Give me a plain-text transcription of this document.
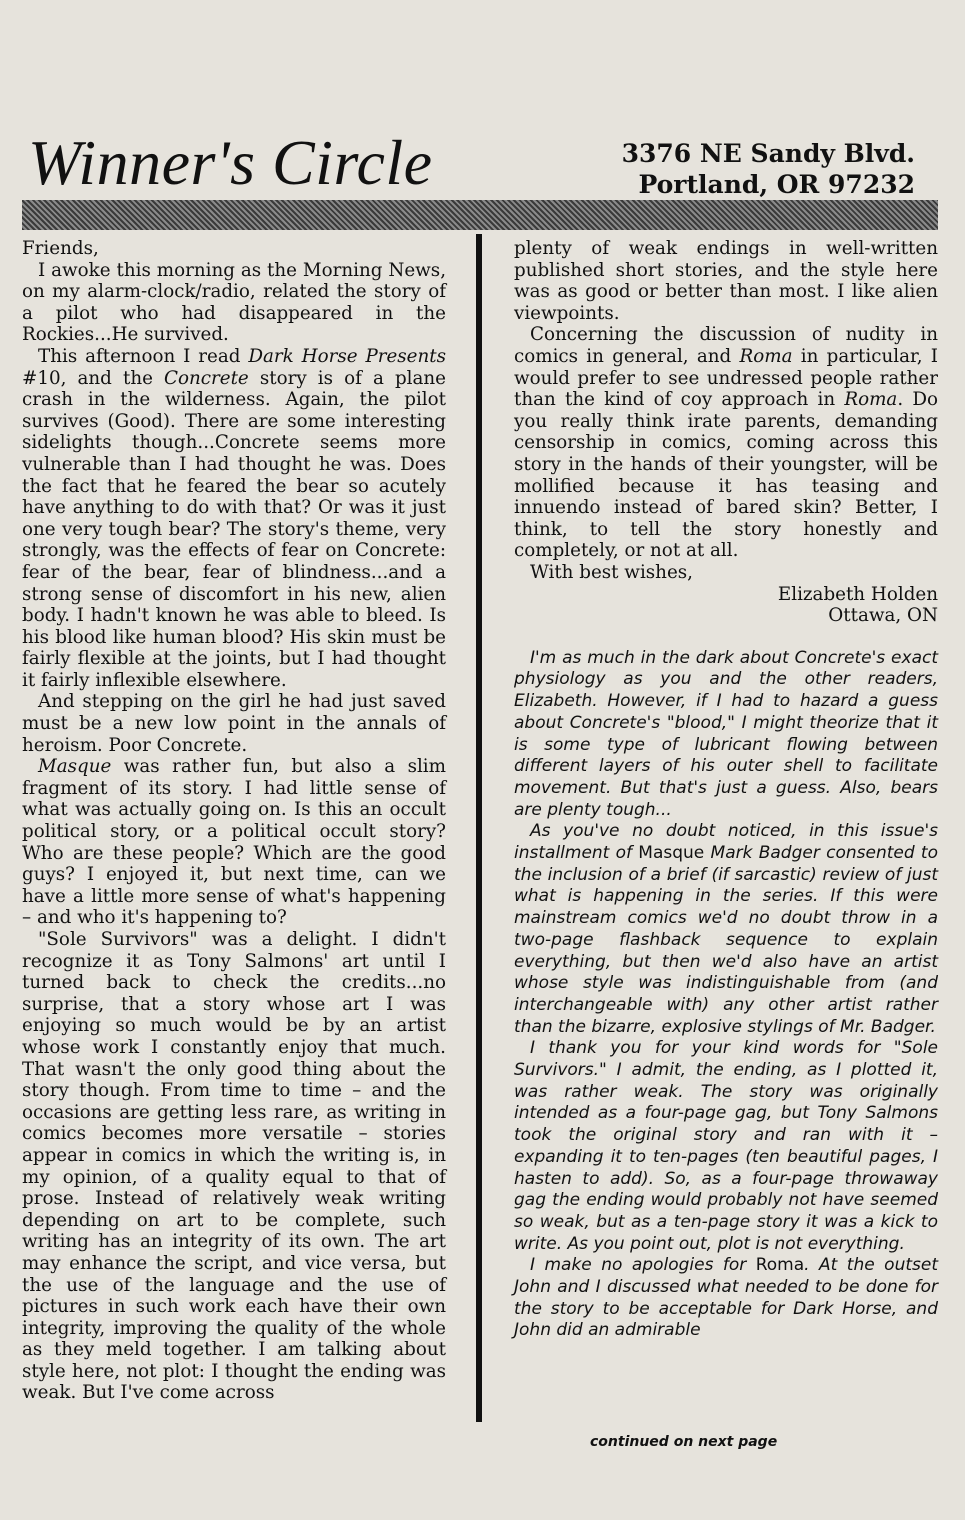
Winner's Circle	3376 NE Sandy Blvd.
Portland, OR 97232

Friends,

I awoke this morning as the Morning News, on my alarm-clock/radio, related the story of a pilot who had disappeared in the Rockies...He survived.

This afternoon I read Dark Horse Presents #10, and the Concrete story is of a plane crash in the wilderness. Again, the pilot survives (Good). There are some interesting sidelights though...Concrete seems more vulnerable than I had thought he was. Does the fact that he feared the bear so acutely have anything to do with that? Or was it just one very tough bear? The story's theme, very strongly, was the effects of fear on Concrete: fear of the bear, fear of blindness...and a strong sense of discomfort in his new, alien body. I hadn't known he was able to bleed. Is his blood like human blood? His skin must be fairly flexible at the joints, but I had thought it fairly inflexible elsewhere.

And stepping on the girl he had just saved must be a new low point in the annals of heroism. Poor Concrete.

Masque was rather fun, but also a slim fragment of its story. I had little sense of what was actually going on. Is this an occult political story, or a political occult story? Who are these people? Which are the good guys? I enjoyed it, but next time, can we have a little more sense of what's happening – and who it's happening to?

"Sole Survivors" was a delight. I didn't recognize it as Tony Salmons' art until I turned back to check the credits...no surprise, that a story whose art I was enjoying so much would be by an artist whose work I constantly enjoy that much. That wasn't the only good thing about the story though. From time to time – and the occasions are getting less rare, as writing in comics becomes more versatile – stories appear in comics in which the writing is, in my opinion, of a quality equal to that of prose. Instead of relatively weak writing depending on art to be complete, such writing has an integrity of its own. The art may enhance the script, and vice versa, but the use of the language and the use of pictures in such work each have their own integrity, improving the quality of the whole as they meld together. I am talking about style here, not plot: I thought the ending was weak. But I've come across

plenty of weak endings in well-written published short stories, and the style here was as good or better than most. I like alien viewpoints.

Concerning the discussion of nudity in comics in general, and Roma in particular, I would prefer to see undressed people rather than the kind of coy approach in Roma. Do you really think irate parents, demanding censorship in comics, coming across this story in the hands of their youngster, will be mollified because it has teasing and innuendo instead of bared skin? Better, I think, to tell the story honestly and completely, or not at all.

With best wishes,

Elizabeth Holden

Ottawa, ON

I'm as much in the dark about Concrete's exact physiology as you and the other readers, Elizabeth. However, if I had to hazard a guess about Concrete's "blood," I might theorize that it is some type of lubricant flowing between different layers of his outer shell to facilitate movement. But that's just a guess. Also, bears are plenty tough...

As you've no doubt noticed, in this issue's installment of Masque Mark Badger consented to the inclusion of a brief (if sarcastic) review of just what is happening in the series. If this were mainstream comics we'd no doubt throw in a two-page flashback sequence to explain everything, but then we'd also have an artist whose style was indistinguishable from (and interchangeable with) any other artist rather than the bizarre, explosive stylings of Mr. Badger.

I thank you for your kind words for "Sole Survivors." I admit, the ending, as I plotted it, was rather weak. The story was originally intended as a four-page gag, but Tony Salmons took the original story and ran with it – expanding it to ten-pages (ten beautiful pages, I hasten to add). So, as a four-page throwaway gag the ending would probably not have seemed so weak, but as a ten-page story it was a kick to write. As you point out, plot is not everything.

I make no apologies for Roma. At the outset John and I discussed what needed to be done for the story to be acceptable for Dark Horse, and John did an admirable

continued on next page
